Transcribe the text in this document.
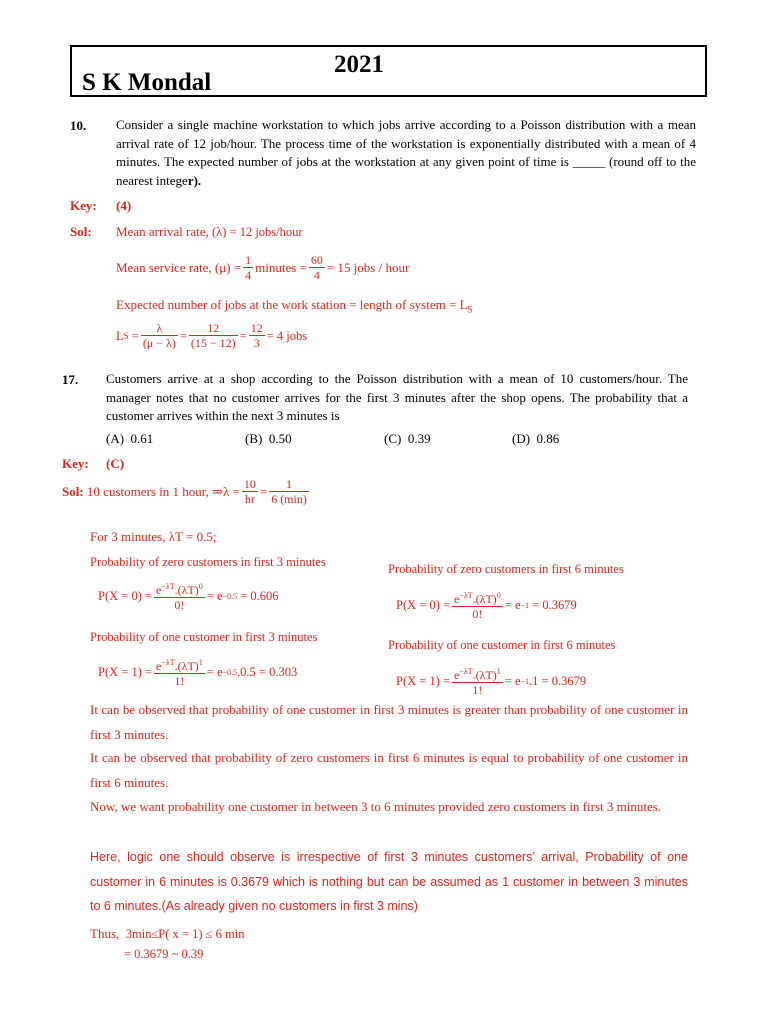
S K Mondal
2021
10. Consider a single machine workstation to which jobs arrive according to a Poisson distribution with a mean arrival rate of 12 job/hour. The process time of the workstation is exponentially distributed with a mean of 4 minutes. The expected number of jobs at the workstation at any given point of time is _____ (round off to the nearest integer).
Key: (4)
Sol: Mean arrival rate, (λ) = 12 jobs/hour
Mean service rate,
$(\mu) = \frac{1}{4}$ minutes = $\frac{60}{4} = 15$ jobs / hour
Expected number of jobs at the work station = length of system = $L_S$
L S
= $\frac{\lambda}{(\mu - \lambda)} = \frac{12}{(15 - 12)} = \frac{12}{3} = 4$ jobs
17. Customers arrive at a shop according to the Poisson distribution with a mean of 10 customers/hour. The manager notes that no customer arrives for the first 3 minutes after the shop opens. The probability that a customer arrives within the next 3 minutes is
(A) 0.61	(B) 0.50	(C) 0.39	(D) 0.86
Key: (C)
Sol:
10 customers in 1 hour,
⇒λ = $\frac{10}{hr} = \frac{1}{6 (\min)}$
For 3 minutes, λT = 0.5;
Probability of zero customers in first 3 minutes
$P(X = 0) = \frac{e^{-\lambda T}.(\lambda T)^0}{0!} = e -0.5$
= 0.606
Probability of one customer in first 3 minutes
$P(X = 1) = \frac{e^{-\lambda T}.(\lambda T)^1}{1!} = e -0.5$ .0.5 = 0.303
Probability of zero customers in first 6 minutes
$P(X = 0) = \frac{e^{-\lambda T}.(\lambda T)^0}{0!} = e -1$
= 0.3679
Probability of one customer in first 6 minutes
$P(X = 1) = \frac{e^{-\lambda T}.(\lambda T)^1}{1!} = e -1$ .1 = 0.3679
It can be observed that probability of one customer in first 3 minutes is greater than probability of one customer in first 3 minutes.
It can be observed that probability of zero customers in first 6 minutes is equal to probability of one customer in first 6 minutes.
Now, we want probability one customer in between 3 to 6 minutes provided zero customers in first 3 minutes.
Here, logic one should observe is irrespective of first 3 minutes customers’ arrival, Probability of one customer in 6 minutes is 0.3679 which is nothing but can be assumed as 1 customer in between 3 minutes to 6 minutes.(As already given no customers in first 3 mins)
Thus, 3min≤P( x = 1) ≤ 6 min
= 0.3679 ~ 0.39
